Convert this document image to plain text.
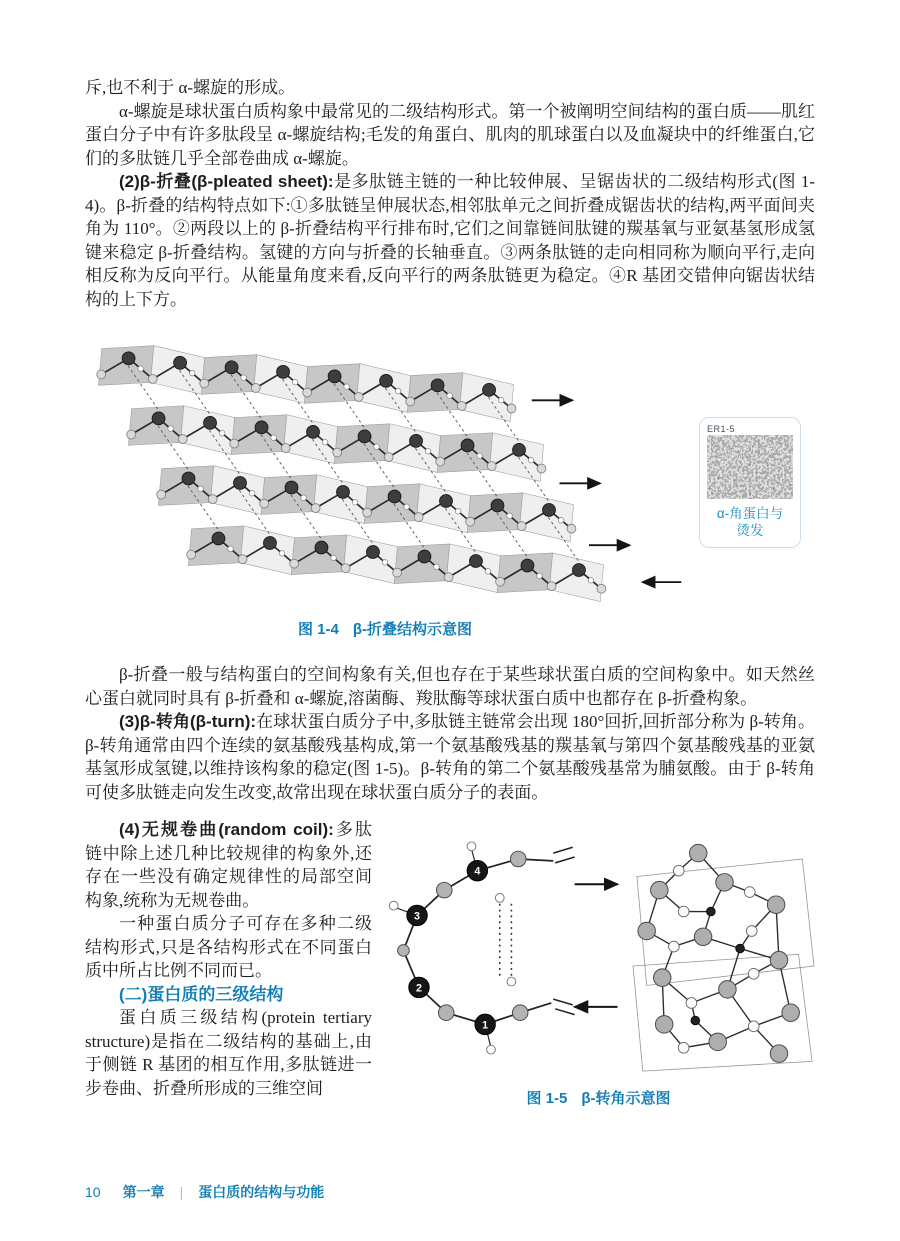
斥,也不利于 α-螺旋的形成。

α-螺旋是球状蛋白质构象中最常见的二级结构形式。第一个被阐明空间结构的蛋白质——肌红蛋白分子中有许多肽段呈 α-螺旋结构;毛发的角蛋白、肌肉的肌球蛋白以及血凝块中的纤维蛋白,它们的多肽链几乎全部卷曲成 α-螺旋。

(2)β-折叠(β-pleated sheet):是多肽链主链的一种比较伸展、呈锯齿状的二级结构形式(图 1-4)。β-折叠的结构特点如下:①多肽链呈伸展状态,相邻肽单元之间折叠成锯齿状的结构,两平面间夹角为 110°。②两段以上的 β-折叠结构平行排布时,它们之间靠链间肽键的羰基氧与亚氨基氢形成氢键来稳定 β-折叠结构。氢键的方向与折叠的长轴垂直。③两条肽链的走向相同称为顺向平行,走向相反称为反向平行。从能量角度来看,反向平行的两条肽链更为稳定。④R 基团交错伸向锯齿状结构的上下方。

ER1-5
α-角蛋白与
烫发
图 1-4 β-折叠结构示意图

β-折叠一般与结构蛋白的空间构象有关,但也存在于某些球状蛋白质的空间构象中。如天然丝心蛋白就同时具有 β-折叠和 α-螺旋,溶菌酶、羧肽酶等球状蛋白质中也都存在 β-折叠构象。

(3)β-转角(β-turn):在球状蛋白质分子中,多肽链主链常会出现 180°回折,回折部分称为 β-转角。β-转角通常由四个连续的氨基酸残基构成,第一个氨基酸残基的羰基氧与第四个氨基酸残基的亚氨基氢形成氢键,以维持该构象的稳定(图 1-5)。β-转角的第二个氨基酸残基常为脯氨酸。由于 β-转角可使多肽链走向发生改变,故常出现在球状蛋白质分子的表面。

(4)无规卷曲(random coil):多肽链中除上述几种比较规律的构象外,还存在一些没有确定规律性的局部空间构象,统称为无规卷曲。

一种蛋白质分子可存在多种二级结构形式,只是各结构形式在不同蛋白质中所占比例不同而已。

(二)蛋白质的三级结构

蛋白质三级结构(protein tertiary structure)是指在二级结构的基础上,由于侧链 R 基团的相互作用,多肽链进一步卷曲、折叠所形成的三维空间

4
3
2
1
图 1-5 β-转角示意图
10 第一章 | 蛋白质的结构与功能
